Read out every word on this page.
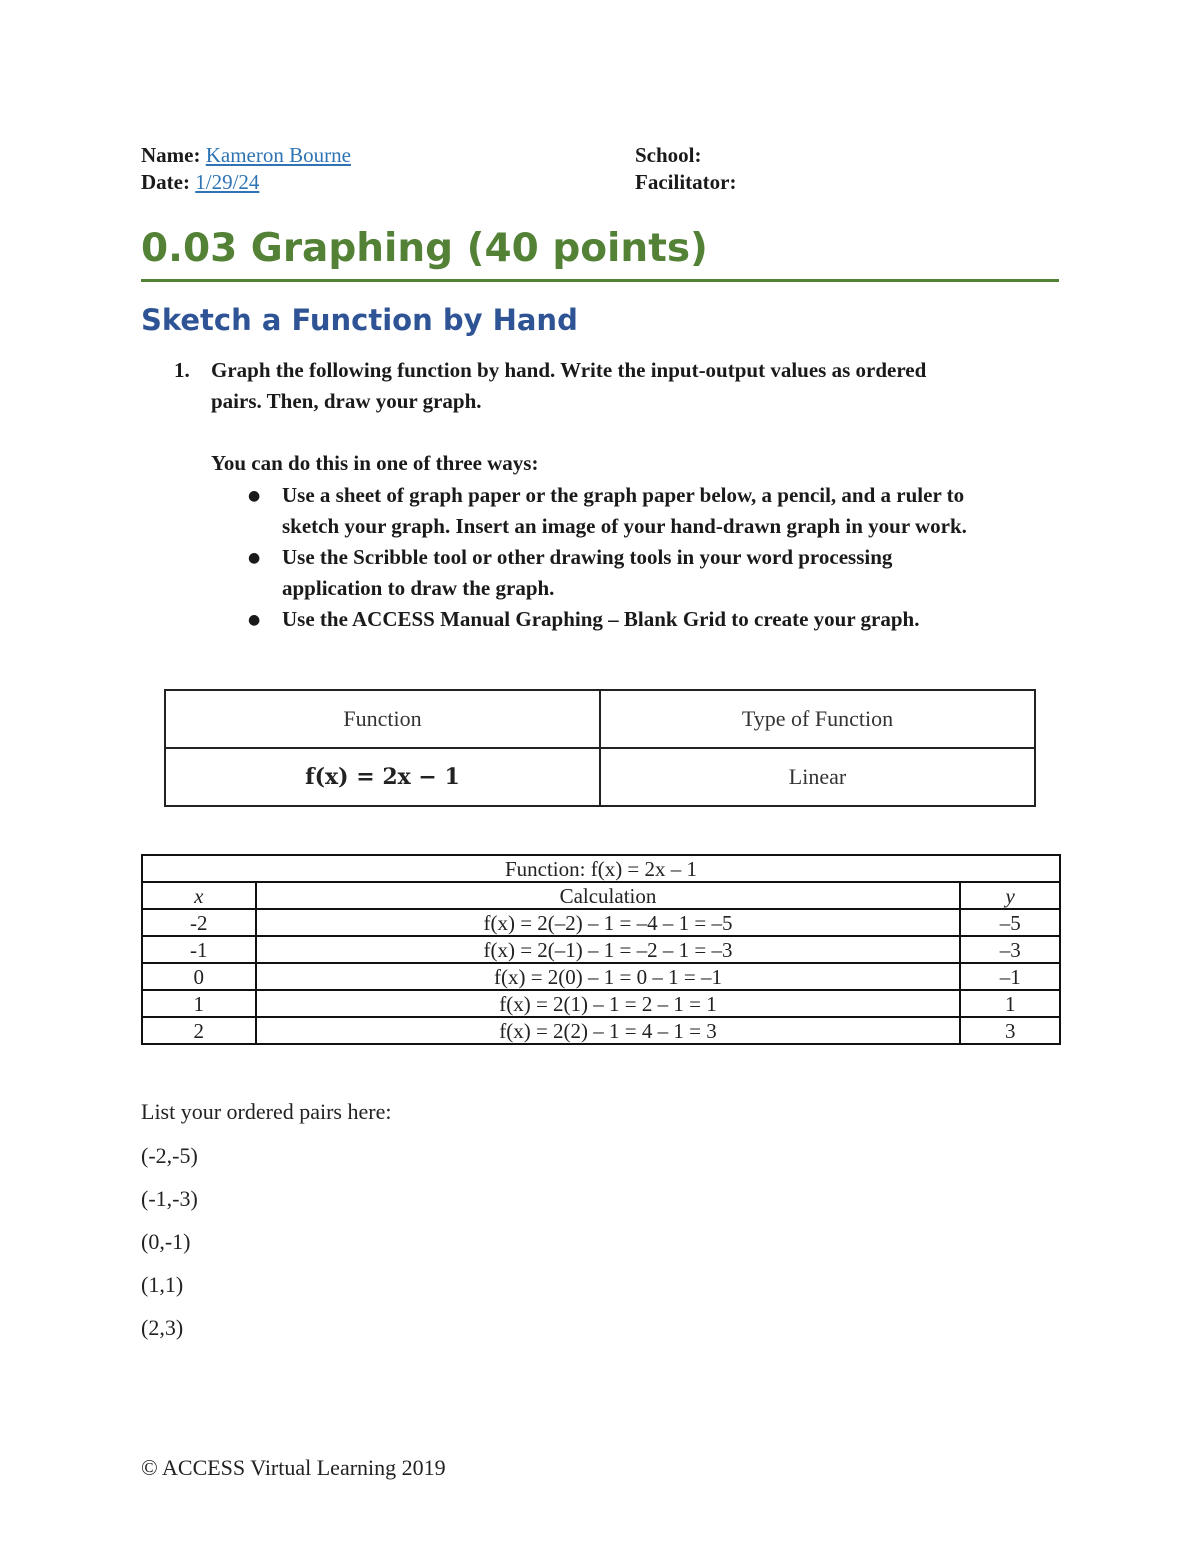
Name: Kameron Bourne
Date: 1/29/24
School:
Facilitator:
0.03 Graphing (40 points)
Sketch a Function by Hand
1. Graph the following function by hand. Write the input-output values as ordered
pairs. Then, draw your graph.
You can do this in one of three ways:
● Use a sheet of graph paper or the graph paper below, a pencil, and a ruler to
sketch your graph. Insert an image of your hand-drawn graph in your work.
● Use the Scribble tool or other drawing tools in your word processing
application to draw the graph.
● Use the ACCESS Manual Graphing – Blank Grid to create your graph.
Function	Type of Function
f(x) = 2x − 1	Linear
Function: f(x) = 2x – 1		
x	Calculation	y
-2	f(x) = 2(–2) – 1 = –4 – 1 = –5	–5
-1	f(x) = 2(–1) – 1 = –2 – 1 = –3	–3
0	f(x) = 2(0) – 1 = 0 – 1 = –1	–1
1	f(x) = 2(1) – 1 = 2 – 1 = 1	1
2	f(x) = 2(2) – 1 = 4 – 1 = 3	3
List your ordered pairs here:
(-2,-5)
(-1,-3)
(0,-1)
(1,1)
(2,3)
© ACCESS Virtual Learning 2019
